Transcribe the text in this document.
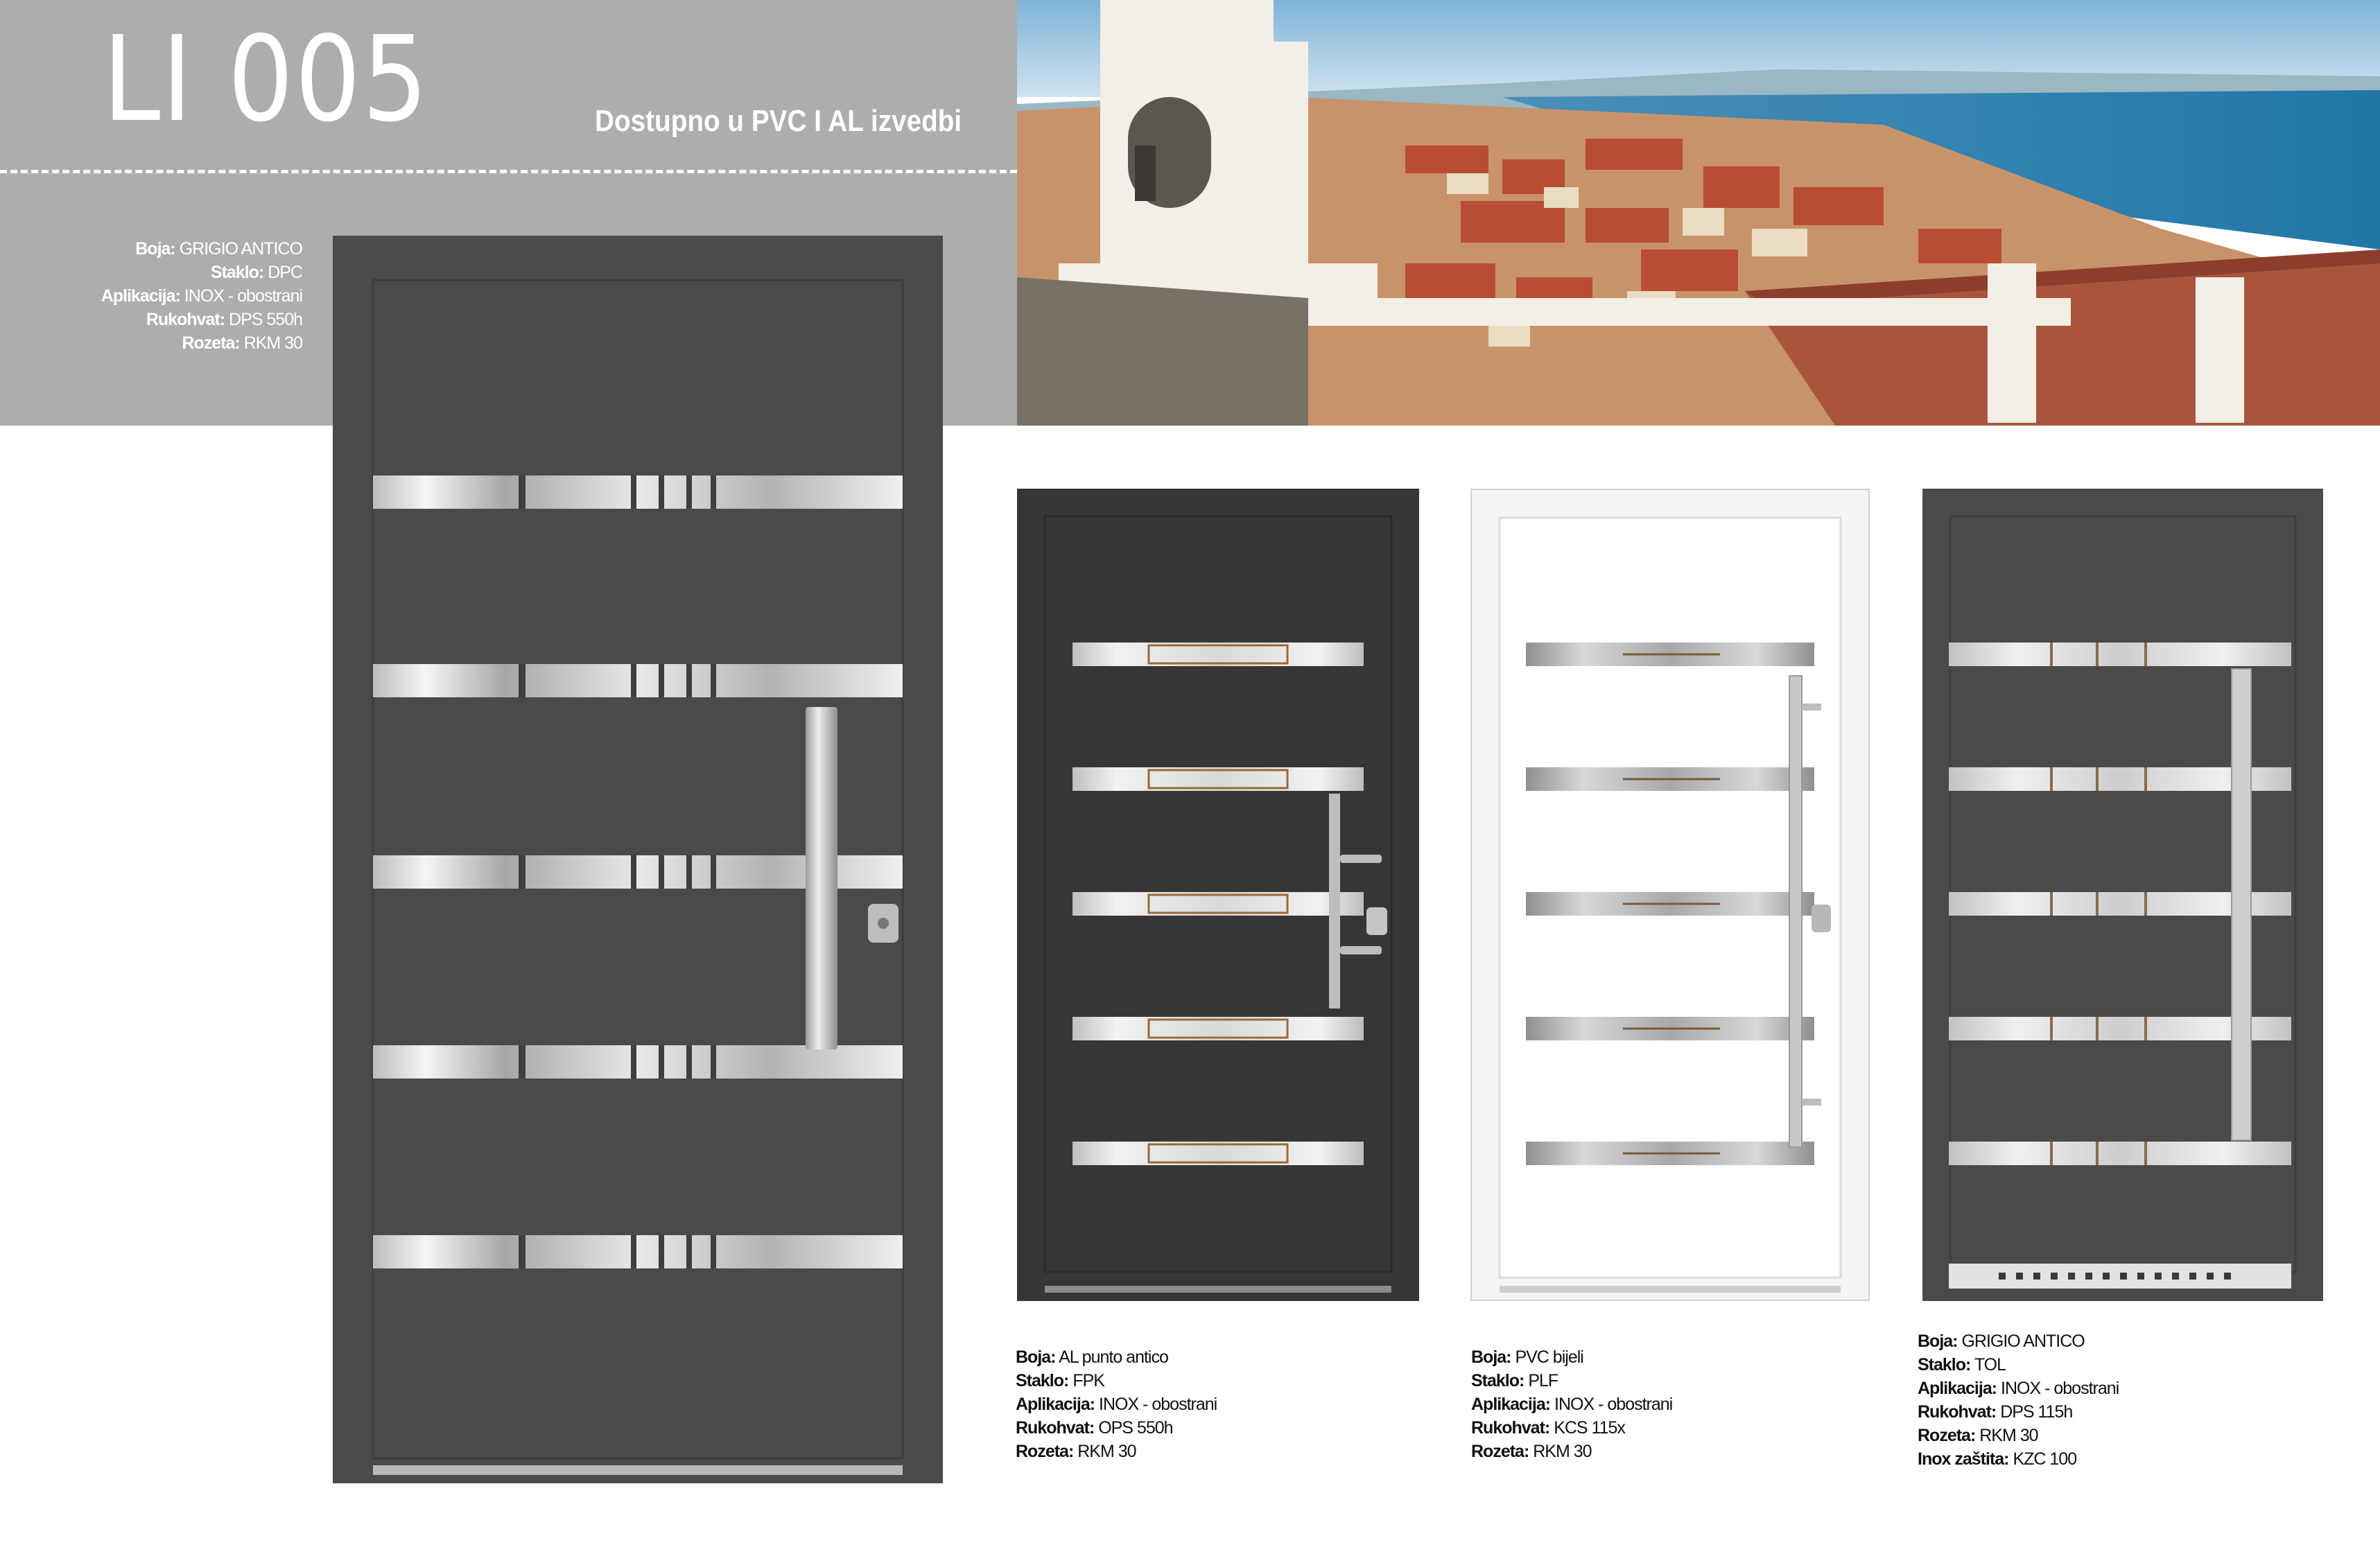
LI 005	Dostupno u PVC I AL izvedbi
Boja: GRIGIO ANTICO
Staklo: DPC
Aplikacija: INOX - obostrani
Rukohvat: DPS 550h
Rozeta: RKM 30
Boja: AL punto antico
Staklo: FPK
Aplikacija: INOX - obostrani
Rukohvat: OPS 550h
Rozeta: RKM 30
Boja: PVC bijeli
Staklo: PLF
Aplikacija: INOX - obostrani
Rukohvat: KCS 115x
Rozeta: RKM 30
Boja: GRIGIO ANTICO
Staklo: TOL
Aplikacija: INOX - obostrani
Rukohvat: DPS 115h
Rozeta: RKM 30
Inox zaštita: KZC 100
